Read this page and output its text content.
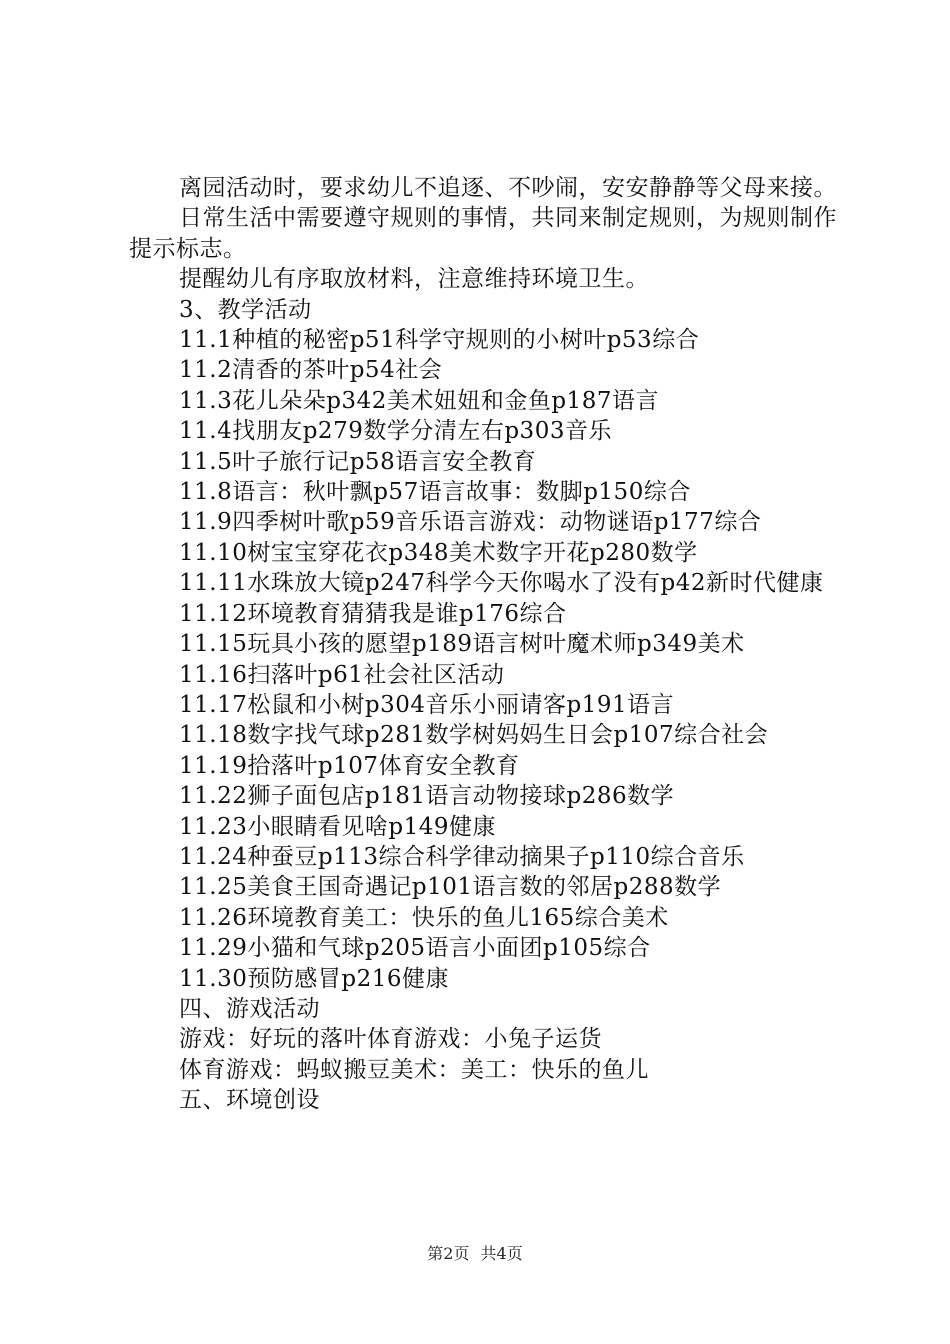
离园活动时，要求幼儿不追逐、不吵闹，安安静静等父母来接。

日常生活中需要遵守规则的事情，共同来制定规则，为规则制作提示标志。

提醒幼儿有序取放材料，注意维持环境卫生。

3、教学活动

11.1种植的秘密p51科学守规则的小树叶p53综合

11.2清香的茶叶p54社会

11.3花儿朵朵p342美术妞妞和金鱼p187语言

11.4找朋友p279数学分清左右p303音乐

11.5叶子旅行记p58语言安全教育

11.8语言：秋叶飘p57语言故事：数脚p150综合

11.9四季树叶歌p59音乐语言游戏：动物谜语p177综合

11.10树宝宝穿花衣p348美术数字开花p280数学

11.11水珠放大镜p247科学今天你喝水了没有p42新时代健康

11.12环境教育猜猜我是谁p176综合

11.15玩具小孩的愿望p189语言树叶魔术师p349美术

11.16扫落叶p61社会社区活动

11.17松鼠和小树p304音乐小丽请客p191语言

11.18数字找气球p281数学树妈妈生日会p107综合社会

11.19拾落叶p107体育安全教育

11.22狮子面包店p181语言动物接球p286数学

11.23小眼睛看见啥p149健康

11.24种蚕豆p113综合科学律动摘果子p110综合音乐

11.25美食王国奇遇记p101语言数的邻居p288数学

11.26环境教育美工：快乐的鱼儿165综合美术

11.29小猫和气球p205语言小面团p105综合

11.30预防感冒p216健康

四、游戏活动

游戏：好玩的落叶体育游戏：小兔子运货

体育游戏：蚂蚁搬豆美术：美工：快乐的鱼儿

五、环境创设

第2页 共4页
